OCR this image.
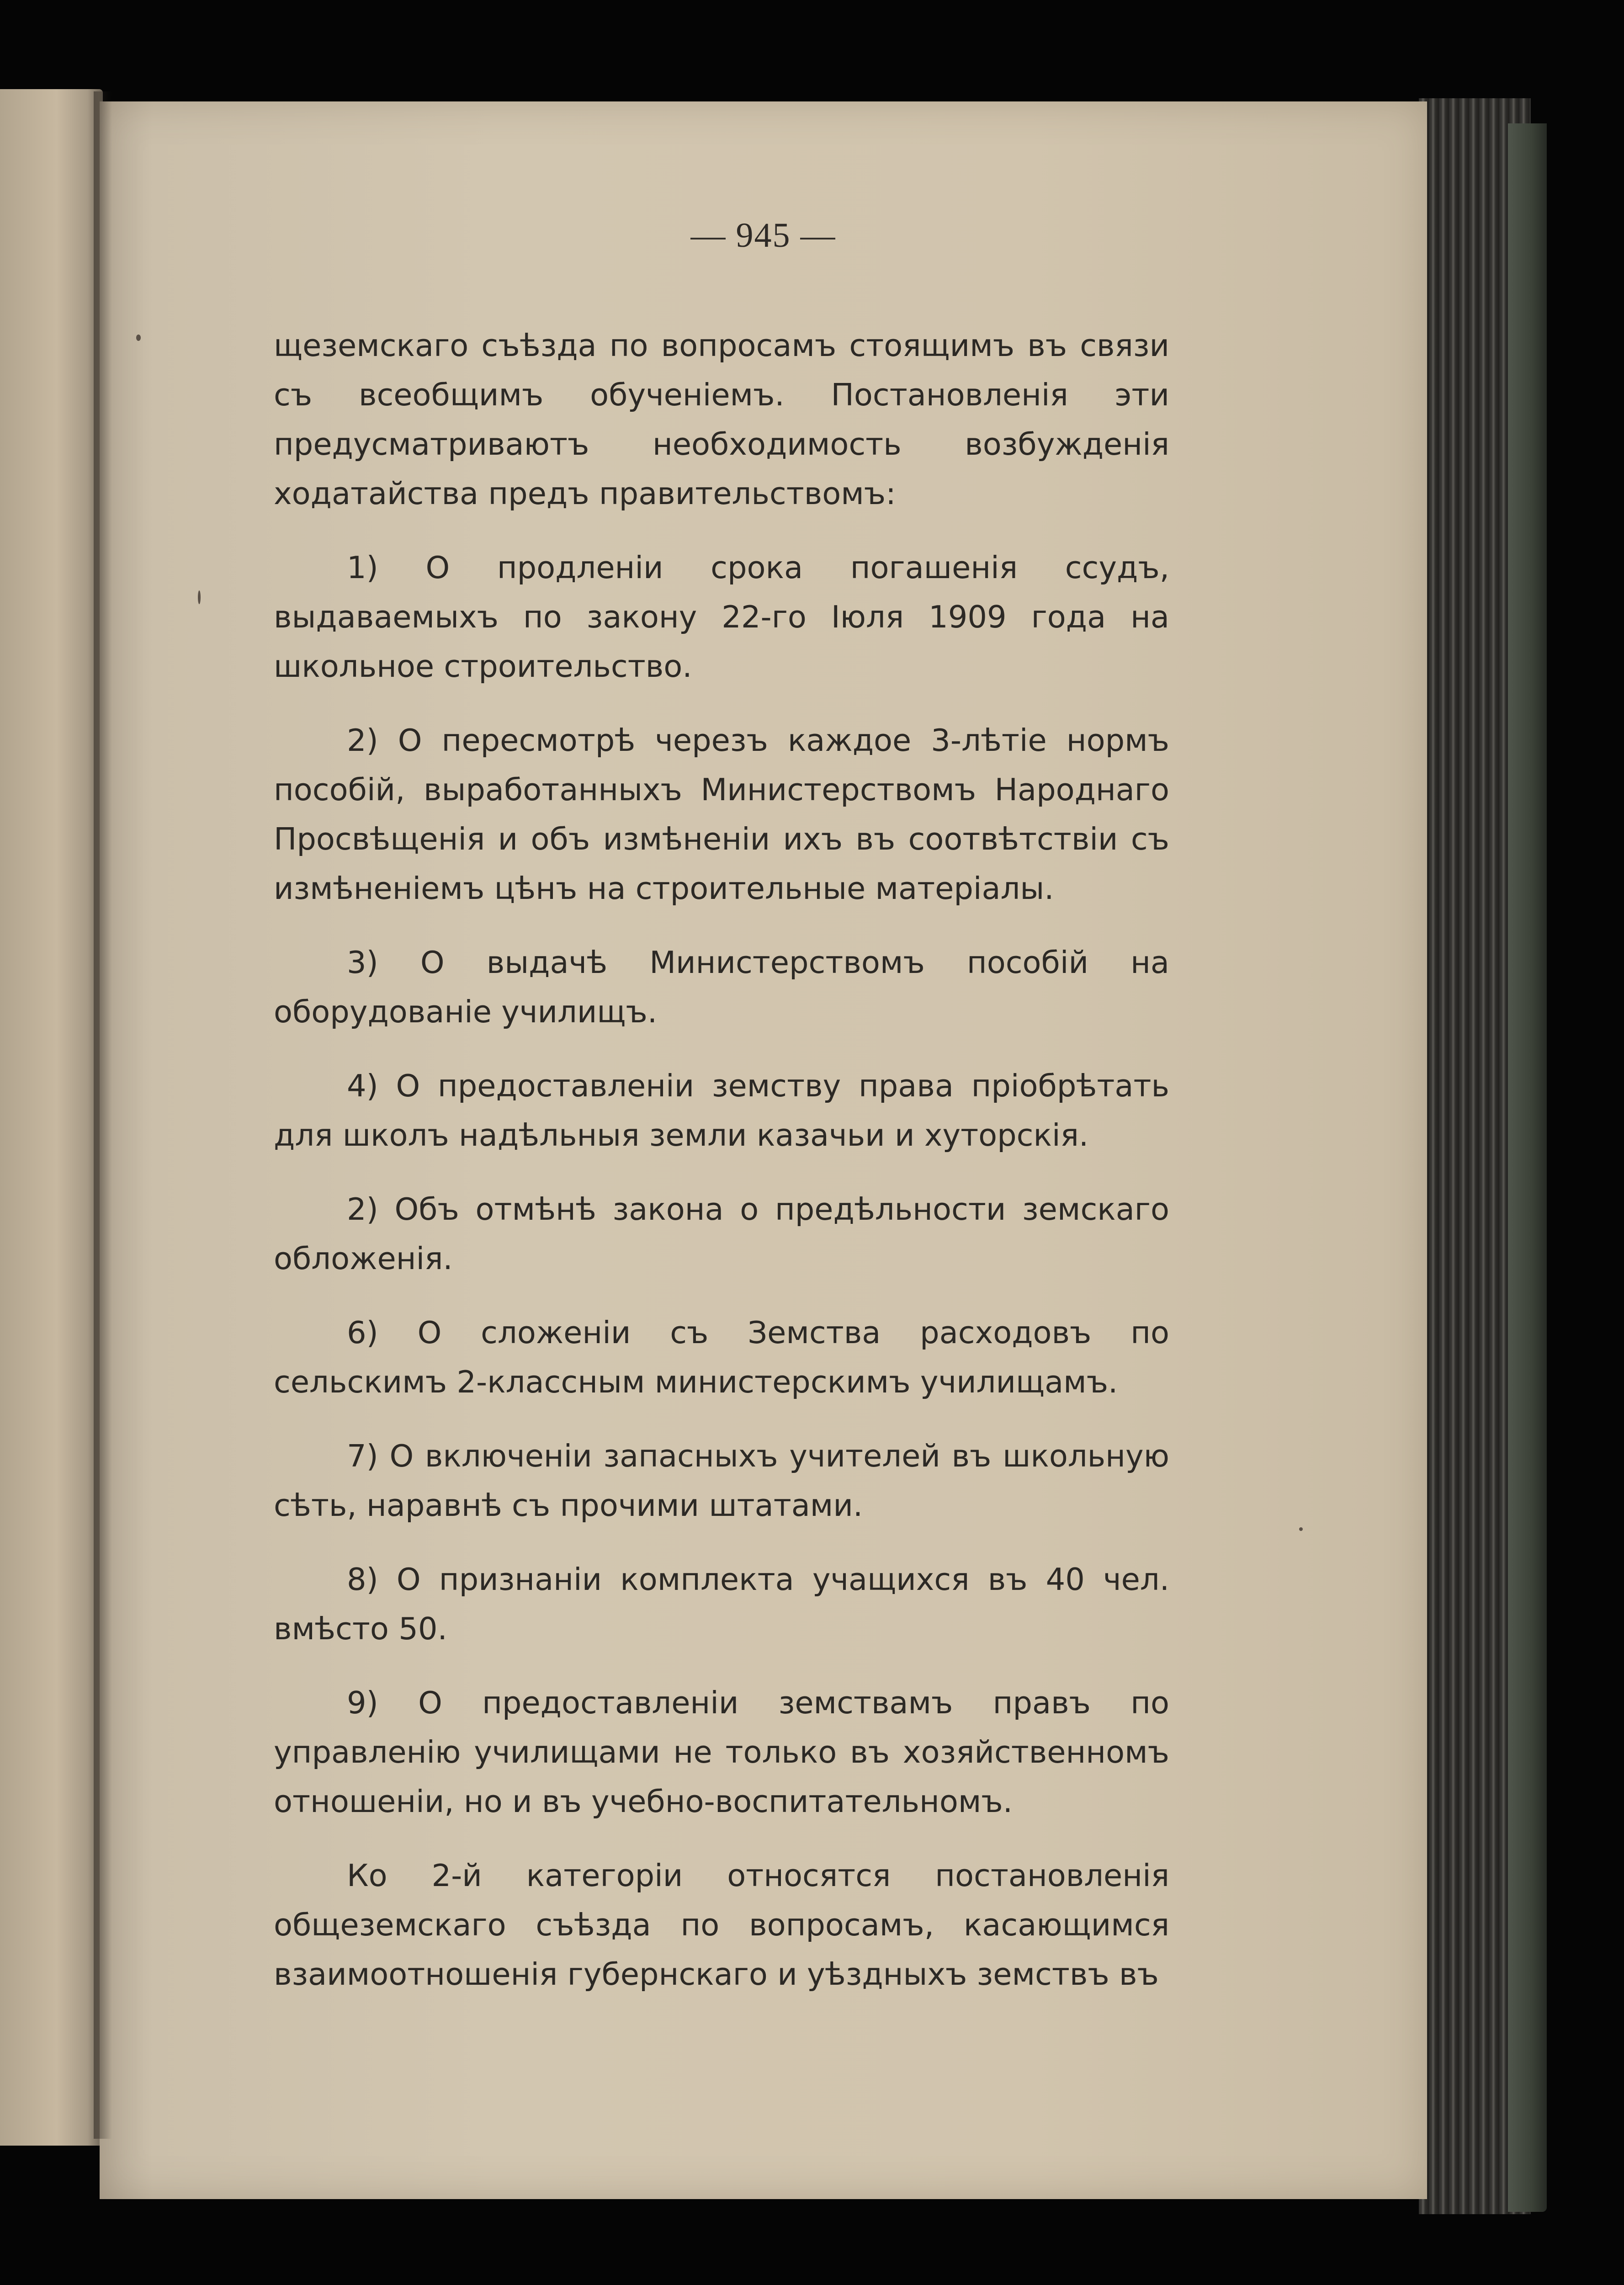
— 945 —

щеземскаго съѣзда по вопросамъ стоящимъ въ связи съ всеобщимъ обученіемъ. Постановленія эти предусматриваютъ необходимость возбужденія ходатайства предъ правительствомъ:

1) О продленіи срока погашенія ссудъ, выдаваемыхъ по закону 22-го Іюля 1909 года на школьное строительство.

2) О пересмотрѣ черезъ каждое 3-лѣтіе нормъ пособій, выработанныхъ Министерствомъ Народнаго Просвѣщенія и объ измѣненіи ихъ въ соотвѣтствіи съ измѣненіемъ цѣнъ на строительные матеріалы.

3) О выдачѣ Министерствомъ пособій на оборудованіе училищъ.

4) О предоставленіи земству права пріобрѣтать для школъ надѣльныя земли казачьи и хуторскія.

2) Объ отмѣнѣ закона о предѣльности земскаго обложенія.

6) О сложеніи съ Земства расходовъ по сельскимъ 2-классным министерскимъ училищамъ.

7) О включеніи запасныхъ учителей въ школьную сѣть, наравнѣ съ прочими штатами.

8) О признаніи комплекта учащихся въ 40 чел. вмѣсто 50.

9) О предоставленіи земствамъ правъ по управленію училищами не только въ хозяйственномъ отношеніи, но и въ учебно-воспитательномъ.

Ко 2-й категоріи относятся постановленія общеземскаго съѣзда по вопросамъ, касающимся взаимоотношенія губернскаго и уѣздныхъ земствъ въ
